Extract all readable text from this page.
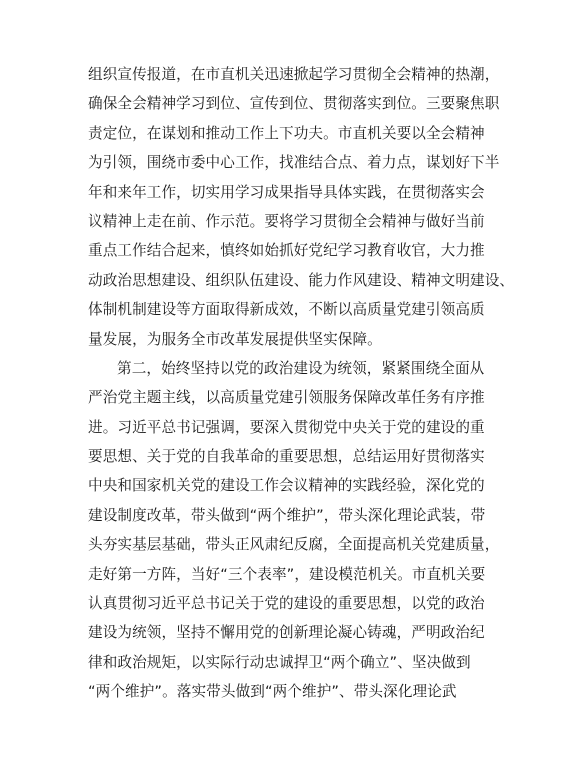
组织宣传报道，在市直机关迅速掀起学习贯彻全会精神的热潮，
确保全会精神学习到位、宣传到位、贯彻落实到位。三要聚焦职
责定位，在谋划和推动工作上下功夫。市直机关要以全会精神
为引领，围绕市委中心工作，找准结合点、着力点，谋划好下半
年和来年工作，切实用学习成果指导具体实践，在贯彻落实会
议精神上走在前、作示范。要将学习贯彻全会精神与做好当前
重点工作结合起来，慎终如始抓好党纪学习教育收官，大力推
动政治思想建设、组织队伍建设、能力作风建设、精神文明建设、
体制机制建设等方面取得新成效，不断以高质量党建引领高质
量发展，为服务全市改革发展提供坚实保障。
第二，始终坚持以党的政治建设为统领，紧紧围绕全面从
严治党主题主线，以高质量党建引领服务保障改革任务有序推
进。习近平总书记强调，要深入贯彻党中央关于党的建设的重
要思想、关于党的自我革命的重要思想，总结运用好贯彻落实
中央和国家机关党的建设工作会议精神的实践经验，深化党的
建设制度改革，带头做到“两个维护”，带头深化理论武装，带
头夯实基层基础，带头正风肃纪反腐，全面提高机关党建质量，
走好第一方阵，当好“三个表率”，建设模范机关。市直机关要
认真贯彻习近平总书记关于党的建设的重要思想，以党的政治
建设为统领，坚持不懈用党的创新理论凝心铸魂，严明政治纪
律和政治规矩，以实际行动忠诚捍卫“两个确立”、坚决做到
“两个维护”。落实带头做到“两个维护”、带头深化理论武
